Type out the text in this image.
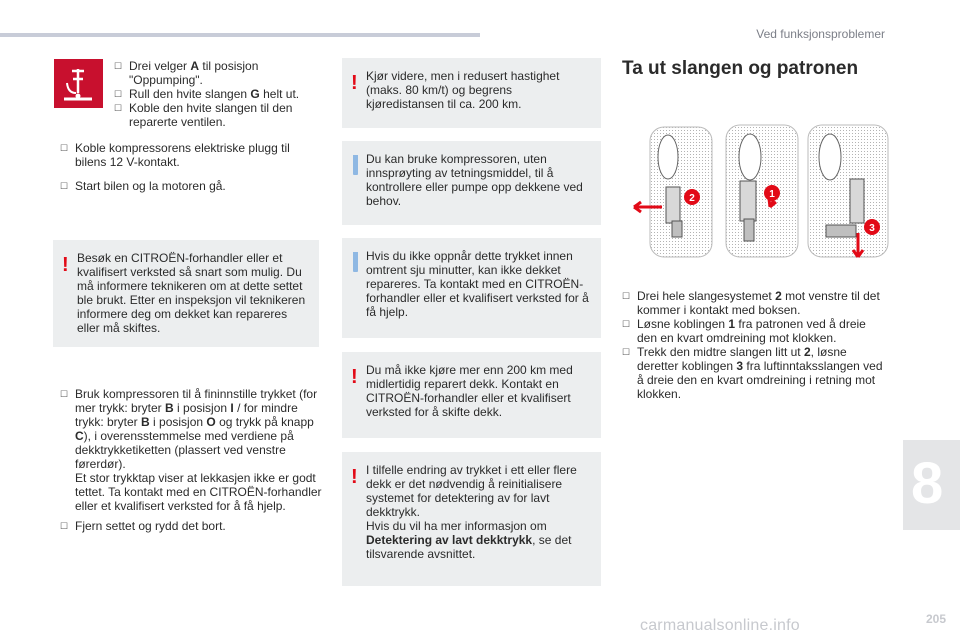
Ved funksjonsproblemer
☐ Drei velger A til posisjon "Oppumping".
☐ Rull den hvite slangen G helt ut.
☐ Koble den hvite slangen til den reparerte ventilen.
☐ Koble kompressorens elektriske plugg til bilens 12 V-kontakt.
☐ Start bilen og la motoren gå.
! Besøk en CITROËN-forhandler eller et kvalifisert verksted så snart som mulig. Du må informere teknikeren om at dette settet ble brukt. Etter en inspeksjon vil teknikeren informere deg om dekket kan repareres eller må skiftes.
☐ Bruk kompressoren til å fininnstille trykket (for mer trykk: bryter B i posisjon I / for mindre trykk: bryter B i posisjon O og trykk på knapp C), i overensstemmelse med verdiene på dekktrykketiketten (plassert ved venstre førerdør).
Et stor trykktap viser at lekkasjen ikke er godt tettet. Ta kontakt med en CITROËN-forhandler eller et kvalifisert verksted for å få hjelp.
☐ Fjern settet og rydd det bort.
! Kjør videre, men i redusert hastighet (maks. 80 km/t) og begrens kjøredistansen til ca. 200 km.
Du kan bruke kompressoren, uten innsprøyting av tetningsmiddel, til å kontrollere eller pumpe opp dekkene ved behov.
Hvis du ikke oppnår dette trykket innen omtrent sju minutter, kan ikke dekket repareres. Ta kontakt med en CITROËN-forhandler eller et kvalifisert verksted for å få hjelp.
! Du må ikke kjøre mer enn 200 km med midlertidig reparert dekk. Kontakt en CITROËN-forhandler eller et kvalifisert verksted for å skifte dekk.
! I tilfelle endring av trykket i ett eller flere dekk er det nødvendig å reinitialisere systemet for detektering av for lavt dekktrykk.
Hvis du vil ha mer informasjon om Detektering av lavt dekktrykk, se det tilsvarende avsnittet.
Ta ut slangen og patronen
1
2
3
☐ Drei hele slangesystemet 2 mot venstre til det kommer i kontakt med boksen.
☐ Løsne koblingen 1 fra patronen ved å dreie den en kvart omdreining mot klokken.
☐ Trekk den midtre slangen litt ut 2, løsne deretter koblingen 3 fra luftinntaksslangen ved å dreie den en kvart omdreining i retning mot klokken.
8
carmanualsonline.info	205
